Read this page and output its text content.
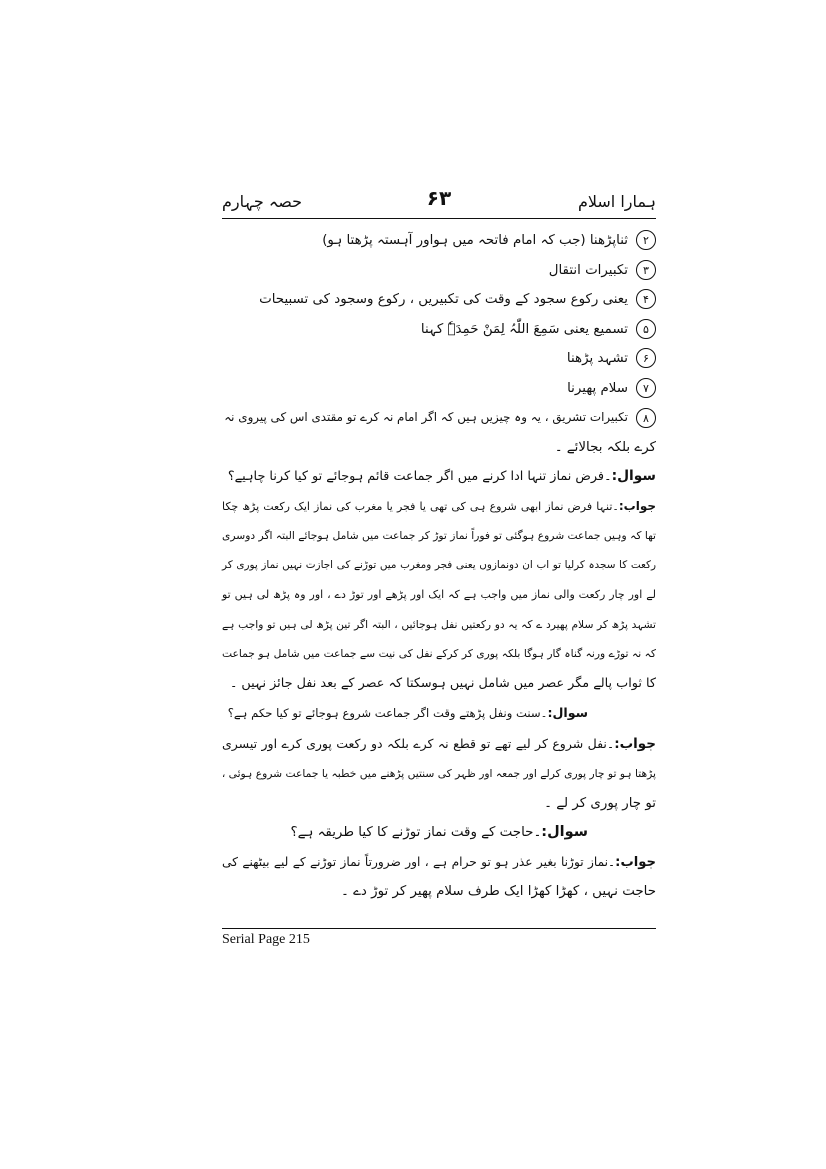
حصہ چہارم	۶۳	ہمارا اسلام
۲ثناپڑھنا (جب کہ امام فاتحہ میں ہواور آہستہ پڑھتا ہو)
۳تکبیرات انتقال
۴یعنی رکوع سجود کے وقت کی تکبیریں ، رکوع وسجود کی تسبیحات
۵تسمیع یعنی سَمِعَ اللّٰہُ لِمَنْ حَمِدَہٗ کہنا
۶تشہد پڑھنا
۷سلام پھیرنا
۸تکبیرات تشریق ، یہ وہ چیزیں ہیں کہ اگر امام نہ کرے تو مقتدی اس کی پیروی نہ
کرے بلکہ بجالائے ۔
سوال:۔فرض نماز تنہا ادا کرنے میں اگر جماعت قائم ہوجائے تو کیا کرنا چاہیے؟
جواب:۔تنہا فرض نماز ابھی شروع ہی کی تھی یا فجر یا مغرب کی نماز ایک رکعت پڑھ چکا
تھا کہ وہیں جماعت شروع ہوگئی تو فوراً نماز توڑ کر جماعت میں شامل ہوجائے البتہ اگر دوسری
رکعت کا سجدہ کرلیا تو اب ان دونمازوں یعنی فجر ومغرب میں توڑنے کی اجازت نہیں نماز پوری کر
لے اور چار رکعت والی نماز میں واجب ہے کہ ایک اور پڑھے اور توڑ دے ، اور وہ پڑھ لی ہیں تو
تشہد پڑھ کر سلام پھیرد ے کہ یہ دو رکعتیں نفل ہوجائیں ، البتہ اگر تین پڑھ لی ہیں تو واجب ہے
کہ نہ توڑے ورنہ گناہ گار ہوگا بلکہ پوری کر کرکے نفل کی نیت سے جماعت میں شامل ہو جماعت
کا ثواب پالے مگر عصر میں شامل نہیں ہوسکتا کہ عصر کے بعد نفل جائز نہیں ۔
سوال:۔سنت ونفل پڑھتے وقت اگر جماعت شروع ہوجائے تو کیا حکم ہے؟
جواب:۔نفل شروع کر لیے تھے تو قطع نہ کرے بلکہ دو رکعت پوری کرے اور تیسری
پڑھتا ہو تو چار پوری کرلے اور جمعہ اور ظہر کی سنتیں پڑھنے میں خطبہ یا جماعت شروع ہوئی ،
تو چار پوری کر لے ۔
سوال:۔حاجت کے وقت نماز توڑنے کا کیا طریقہ ہے؟
جواب:۔نماز توڑنا بغیر عذر ہو تو حرام ہے ، اور ضرورتاً نماز توڑنے کے لیے بیٹھنے کی
حاجت نہیں ، کھڑا کھڑا ایک طرف سلام پھیر کر توڑ دے ۔
Serial Page 215
